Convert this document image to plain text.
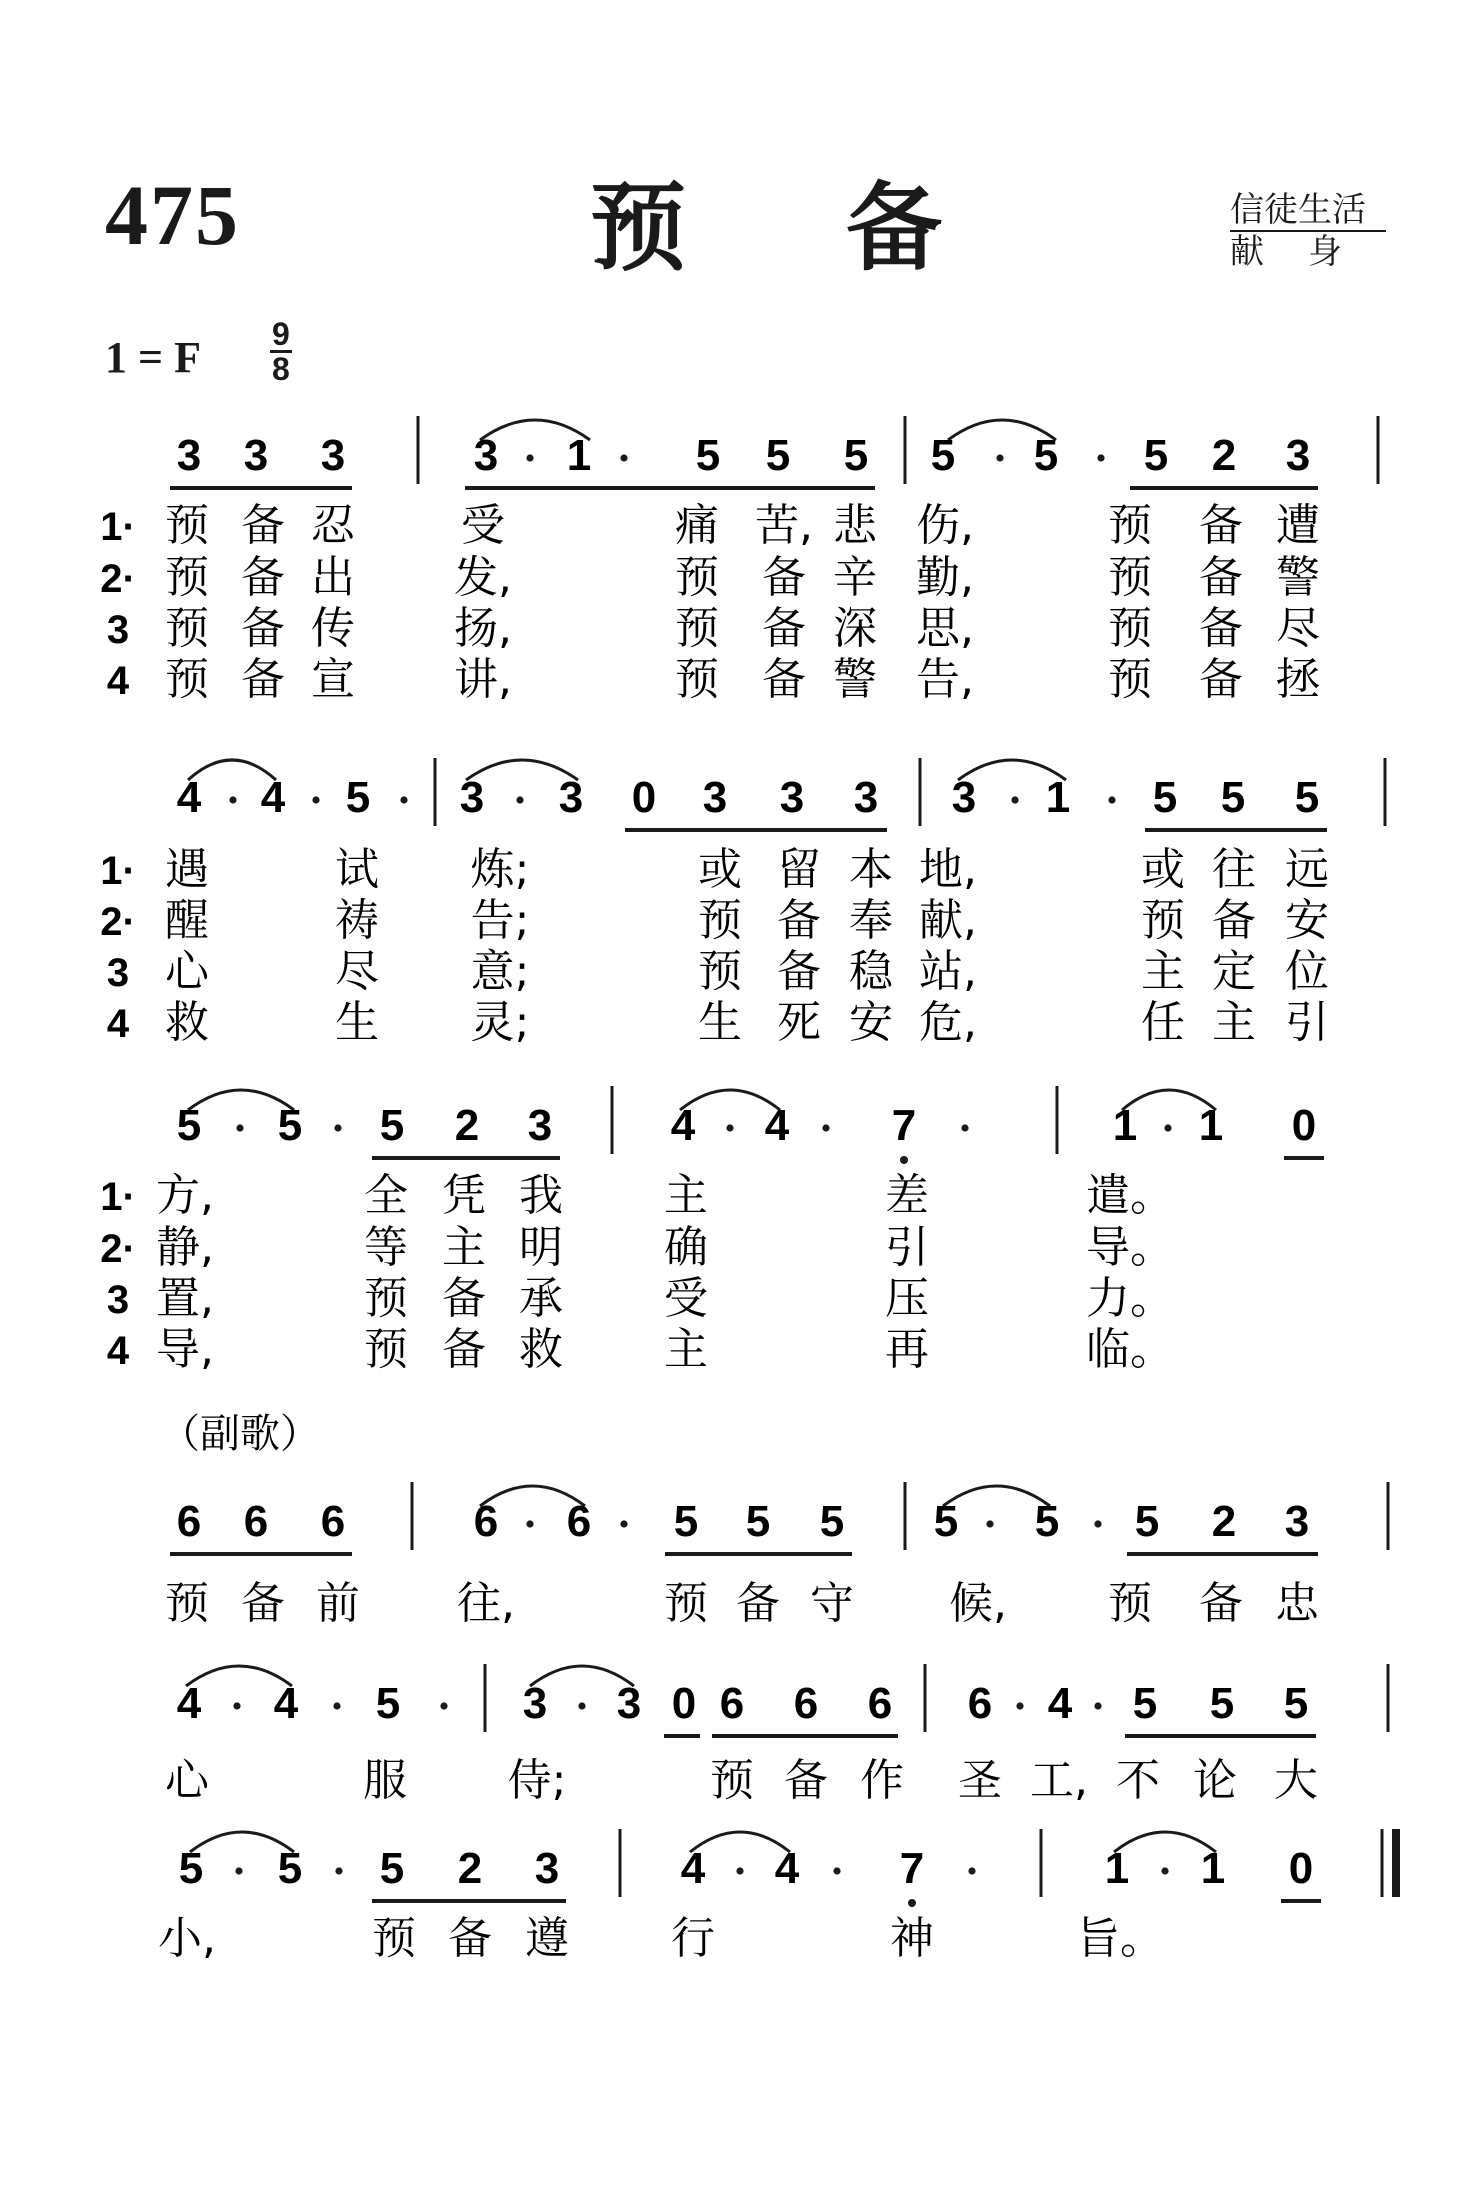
475	预备	信徒生活
献身
1 = F $\frac{9}{8}$
3 3 3	3 1 5 5 5 5 5 5 2 3
1· 预 备 忍 受	痛 苦, 悲 伤,	预 备 遭
2· 预 备 出 发,	预 备 辛 勤,	预 备 警
3 预 备 传 扬,	预 备 深 思,	预 备 尽
4 预 备 宣 讲,	预 备 警 告,	预 备 拯
4 4 5 3 3 0 3 3 3 3 1 5 5 5
1· 遇	试 炼;	或 留 本 地,	或 往 远
2· 醒	祷 告;	预 备 奉 献,	预 备 安
3 心	尽 意;	预 备 稳 站,	主 定 位
4 救	生 灵;	生 死 安 危,	任 主 引
5 5 5 2 3	4 4 7	1 1 0
1· 方,	全 凭 我 主	差	遣。
2· 静,	等 主 明 确	引	导。
3 置,	预 备 承 受	压	力。
4 导,	预 备 救 主	再	临。
6 6 6	6 6 5 5 5 5 5 5 2 3
（副歌）
预 备 前 往,	预 备 守 候, 预 备 忠
4 4 5	3 3 0 6 6 6 6 4 5 5 5
心	服 侍;	预 备 作 圣 工, 不 论 大
5 5 5 2 3	4 4 7	1 1 0
小,	预 备 遵 行	神	旨。
